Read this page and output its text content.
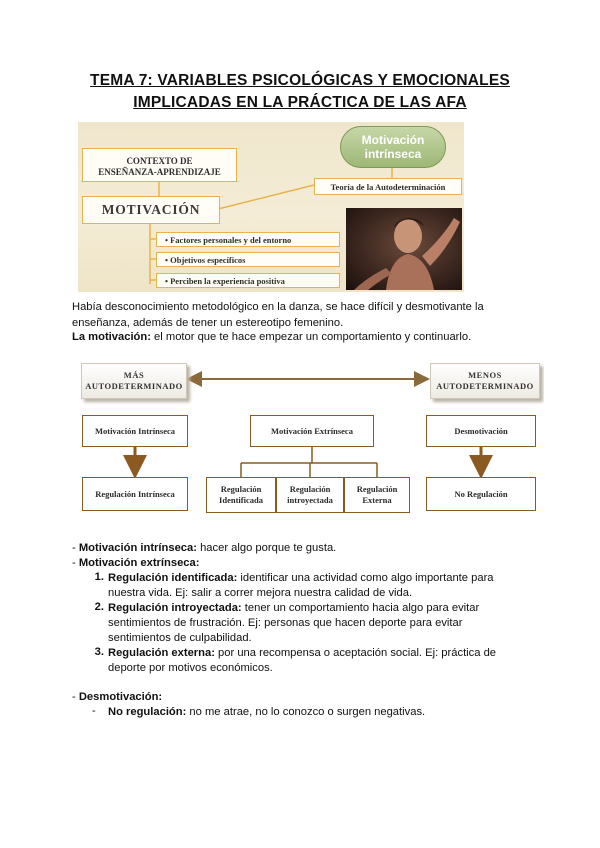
TEMA 7: VARIABLES PSICOLÓGICAS Y EMOCIONALES
IMPLICADAS EN LA PRÁCTICA DE LAS AFA
CONTEXTO DE
ENSEÑANZA-APRENDIZAJE
MOTIVACIÓN
• Factores personales y del entorno
• Objetivos específicos
• Perciben la experiencia positiva
Motivación
intrínseca
Teoría de la Autodeterminación
Había desconocimiento metodológico en la danza, se hace difícil y desmotivante la enseñanza, además de tener un estereotipo femenino.
La motivación: el motor que te hace empezar un comportamiento y continuarlo.
MÁS
AUTODETERMINADO
MENOS
AUTODETERMINADO
Motivación Intrínseca	Motivación Extrínseca	Desmotivación
Regulación Intrínseca	Regulación
Identificada
Regulación
introyectada
Regulación
Externa
No Regulación
- Motivación intrínseca: hacer algo porque te gusta.
- Motivación extrínseca:
1. Regulación identificada: identificar una actividad como algo importante para nuestra vida. Ej: salir a correr mejora nuestra calidad de vida.
2. Regulación introyectada: tener un comportamiento hacia algo para evitar sentimientos de frustración. Ej: personas que hacen deporte para evitar sentimientos de culpabilidad.
3. Regulación externa: por una recompensa o aceptación social. Ej: práctica de deporte por motivos económicos.
- Desmotivación:
- No regulación: no me atrae, no lo conozco o surgen negativas.
